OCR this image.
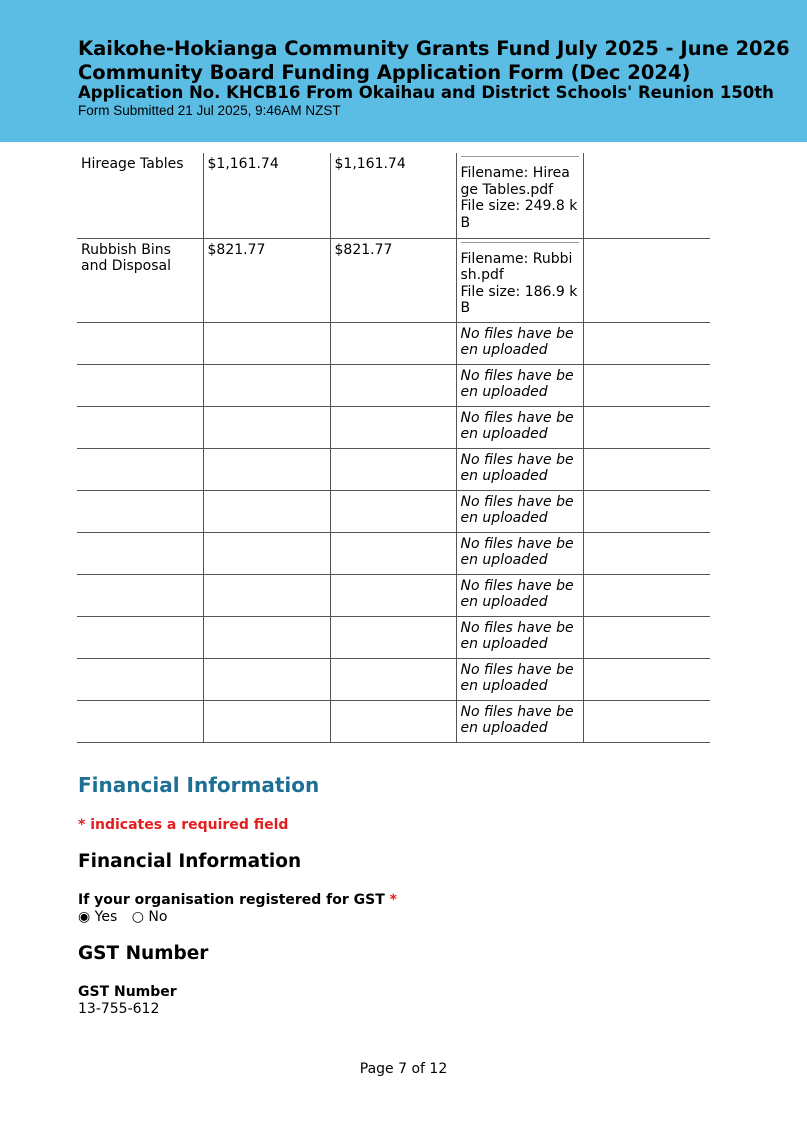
Kaikohe-Hokianga Community Grants Fund July 2025 - June 2026
Community Board Funding Application Form (Dec 2024)
Application No. KHCB16 From Okaihau and District Schools' Reunion 150th
Form Submitted 21 Jul 2025, 9:46AM NZST
Hireage Tables	$1,161.74	$1,161.74	Filename: Hireage Tables.pdf
File size: 249.8 kB	

Rubbish Bins and Disposal	$821.77	$821.77	Filename: Rubbish.pdf
File size: 186.9 kB	

			No files have been uploaded	
			No files have been uploaded	
			No files have been uploaded	
			No files have been uploaded	
			No files have been uploaded	
			No files have been uploaded	
			No files have been uploaded	
			No files have been uploaded	
			No files have been uploaded	
			No files have been uploaded	
Financial Information
* indicates a required field
Financial Information
If your organisation registered for GST *
◉ Yes ○ No
GST Number
GST Number
13-755-612
Page 7 of 12
